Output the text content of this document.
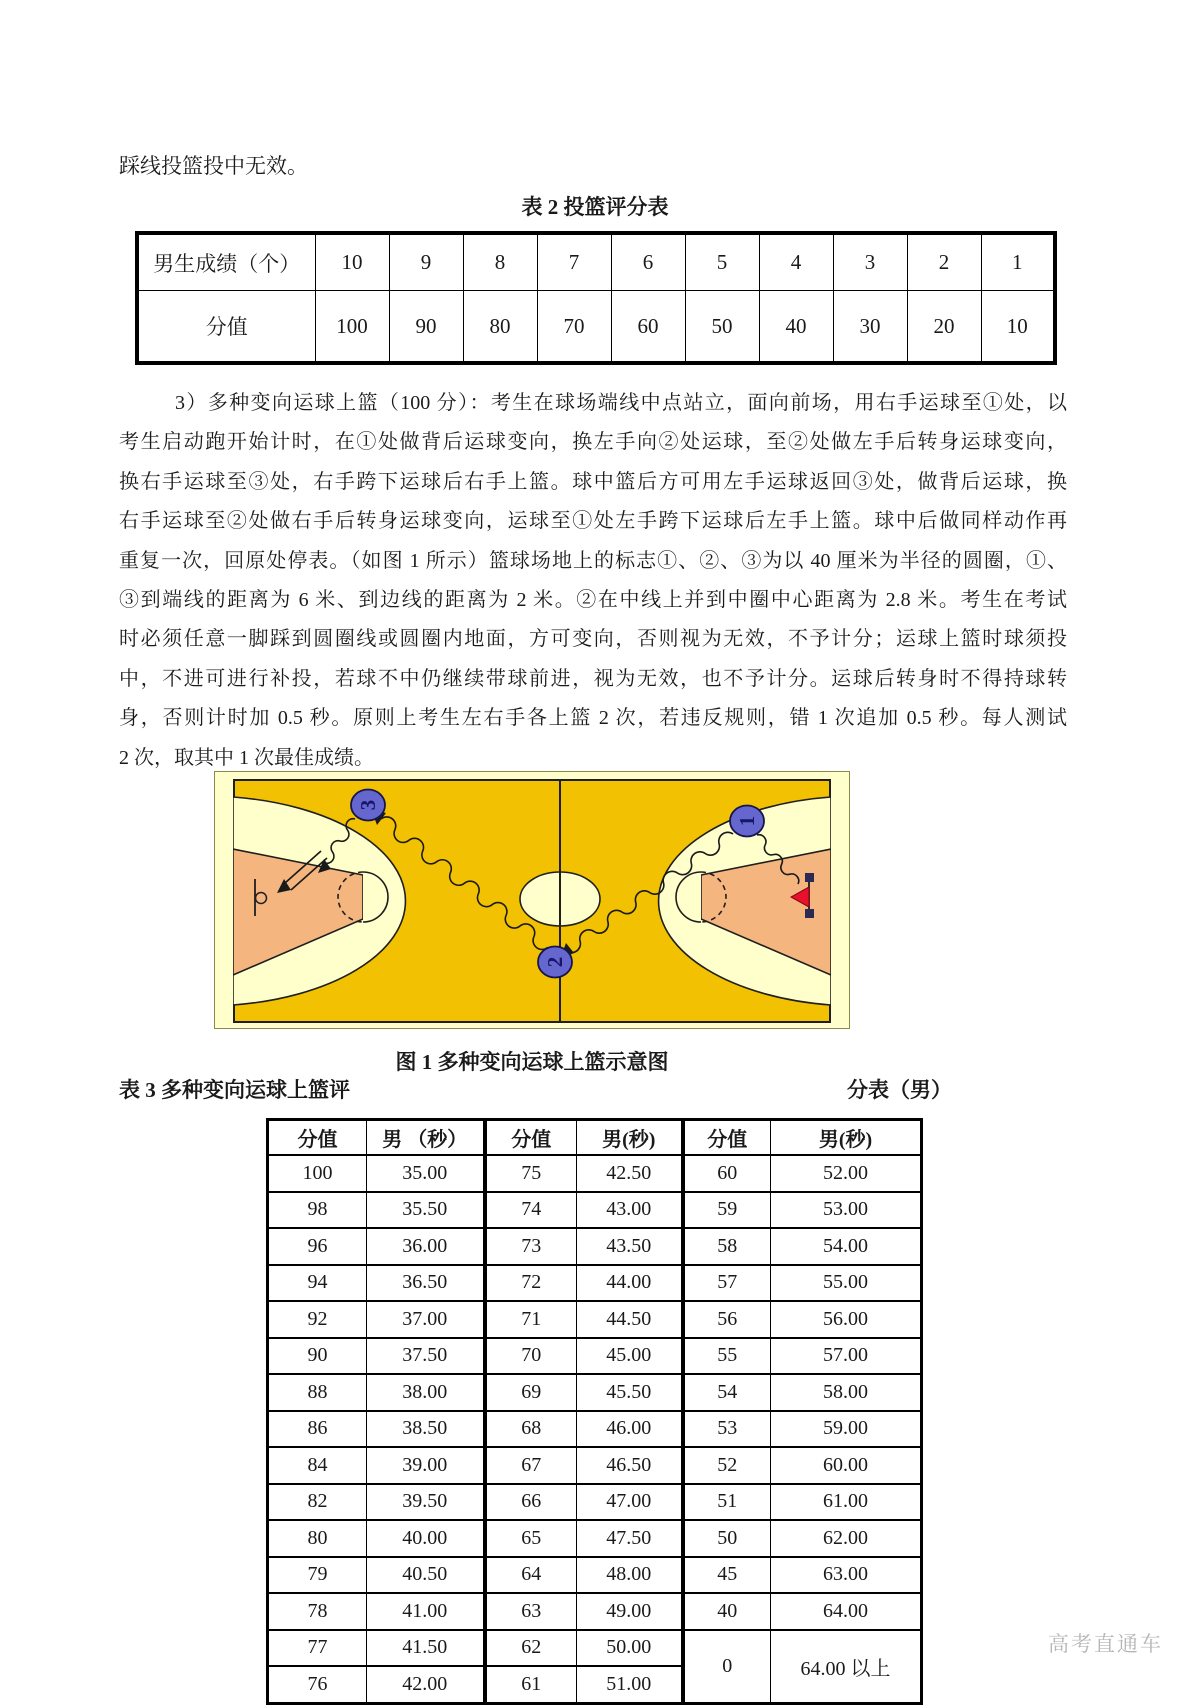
踩线投篮投中无效。
表 2 投篮评分表
男生成绩（个）	10	9	8	7	6	5	4	3	2	1
分值	100	90	80	70	60	50	40	30	20	10
3）多种变向运球上篮（100 分）：考生在球场端线中点站立，面向前场，用右手运球至①处，以
考生启动跑开始计时，在①处做背后运球变向，换左手向②处运球，至②处做左手后转身运球变向，
换右手运球至③处，右手跨下运球后右手上篮。球中篮后方可用左手运球返回③处，做背后运球，换
右手运球至②处做右手后转身运球变向，运球至①处左手跨下运球后左手上篮。球中后做同样动作再
重复一次，回原处停表。（如图 1 所示）篮球场地上的标志①、②、③为以 40 厘米为半径的圆圈，①、
③到端线的距离为 6 米、到边线的距离为 2 米。②在中线上并到中圈中心距离为 2.8 米。考生在考试
时必须任意一脚踩到圆圈线或圆圈内地面，方可变向，否则视为无效，不予计分；运球上篮时球须投
中，不进可进行补投，若球不中仍继续带球前进，视为无效，也不予计分。运球后转身时不得持球转
身，否则计时加 0.5 秒。原则上考生左右手各上篮 2 次，若违反规则，错 1 次追加 0.5 秒。每人测试
2 次，取其中 1 次最佳成绩。
3
2
1
图 1 多种变向运球上篮示意图
表 3 多种变向运球上篮评	分表（男）
分值	男 （秒）	分值	男(秒)	分值	男(秒)
100	35.00	75	42.50	60	52.00
98	35.50	74	43.00	59	53.00
96	36.00	73	43.50	58	54.00
94	36.50	72	44.00	57	55.00
92	37.00	71	44.50	56	56.00
90	37.50	70	45.00	55	57.00
88	38.00	69	45.50	54	58.00
86	38.50	68	46.00	53	59.00
84	39.00	67	46.50	52	60.00
82	39.50	66	47.00	51	61.00
80	40.00	65	47.50	50	62.00
79	40.50	64	48.00	45	63.00
78	41.00	63	49.00	40	64.00
77	41.50	62	50.00	0	64.00 以上
76	42.00	61	51.00		
高考直通车
